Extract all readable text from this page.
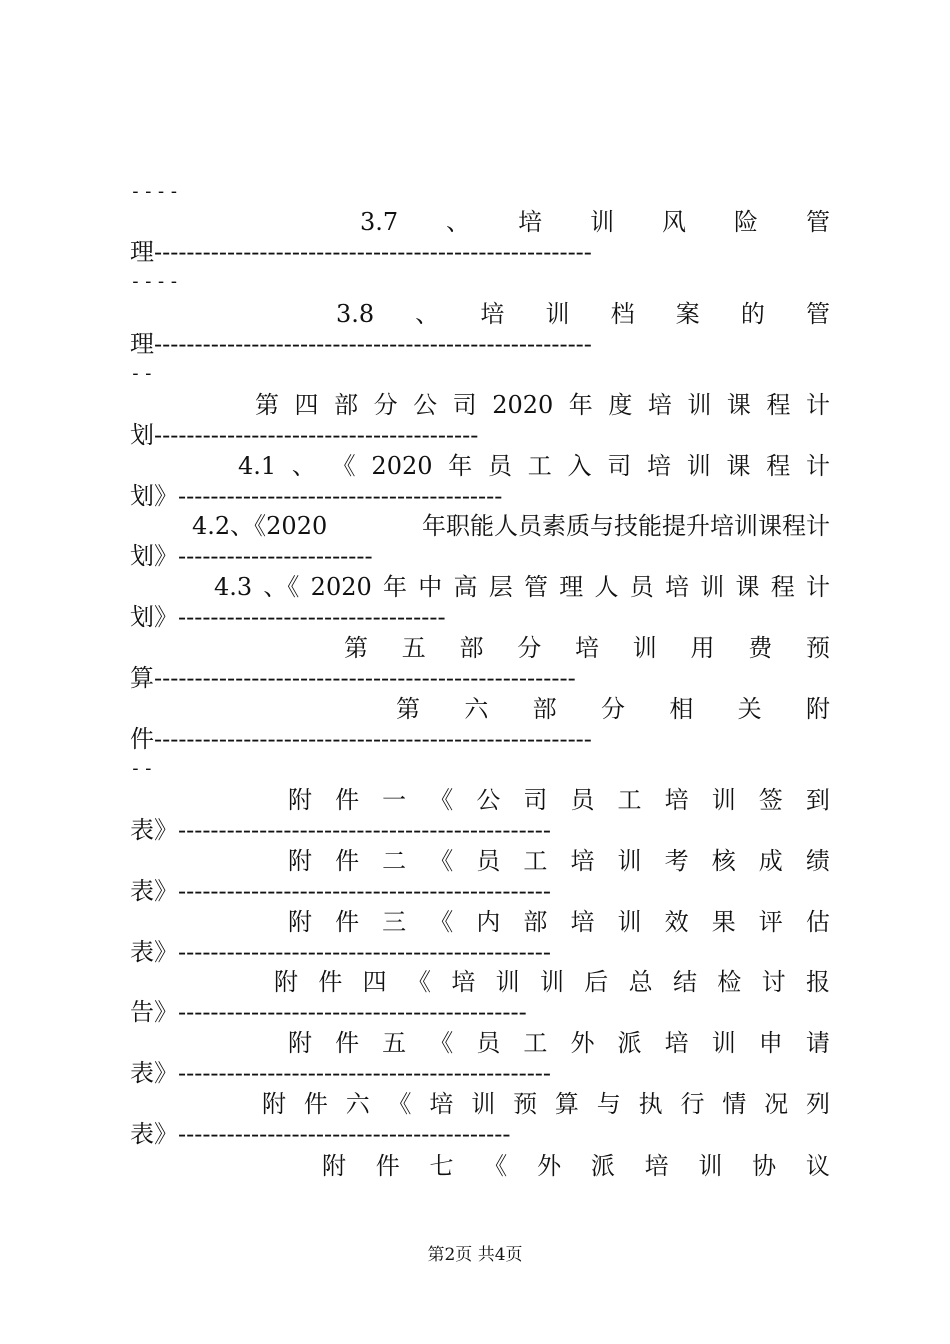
----
3.7 、 培 训 风 险 管
理------------------------------------------------------
----
3.8 、 培 训 档 案 的 管
理------------------------------------------------------
--
第 四 部 分 公 司 2020 年 度 培 训 课 程 计
划----------------------------------------
4.1 、 《 2020 年 员 工 入 司 培 训 课 程 计
划》----------------------------------------
4.2、《2020	年职能人员素质与技能提升培训课程计
划》------------------------
4.3 、《 2020 年 中 高 层 管 理 人 员 培 训 课 程 计
划》---------------------------------
第 五 部 分 培 训 用 费 预
算----------------------------------------------------
第 六 部 分 相 关 附
件------------------------------------------------------
--
附 件 一 《 公 司 员 工 培 训 签 到
表》----------------------------------------------
附 件 二 《 员 工 培 训 考 核 成 绩
表》----------------------------------------------
附 件 三 《 内 部 培 训 效 果 评 估
表》----------------------------------------------
附 件 四 《 培 训 训 后 总 结 检 讨 报
告》-------------------------------------------
附 件 五 《 员 工 外 派 培 训 申 请
表》----------------------------------------------
附 件 六 《 培 训 预 算 与 执 行 情 况 列
表》-----------------------------------------
附 件 七 《 外 派 培 训 协 议
第2页 共4页
